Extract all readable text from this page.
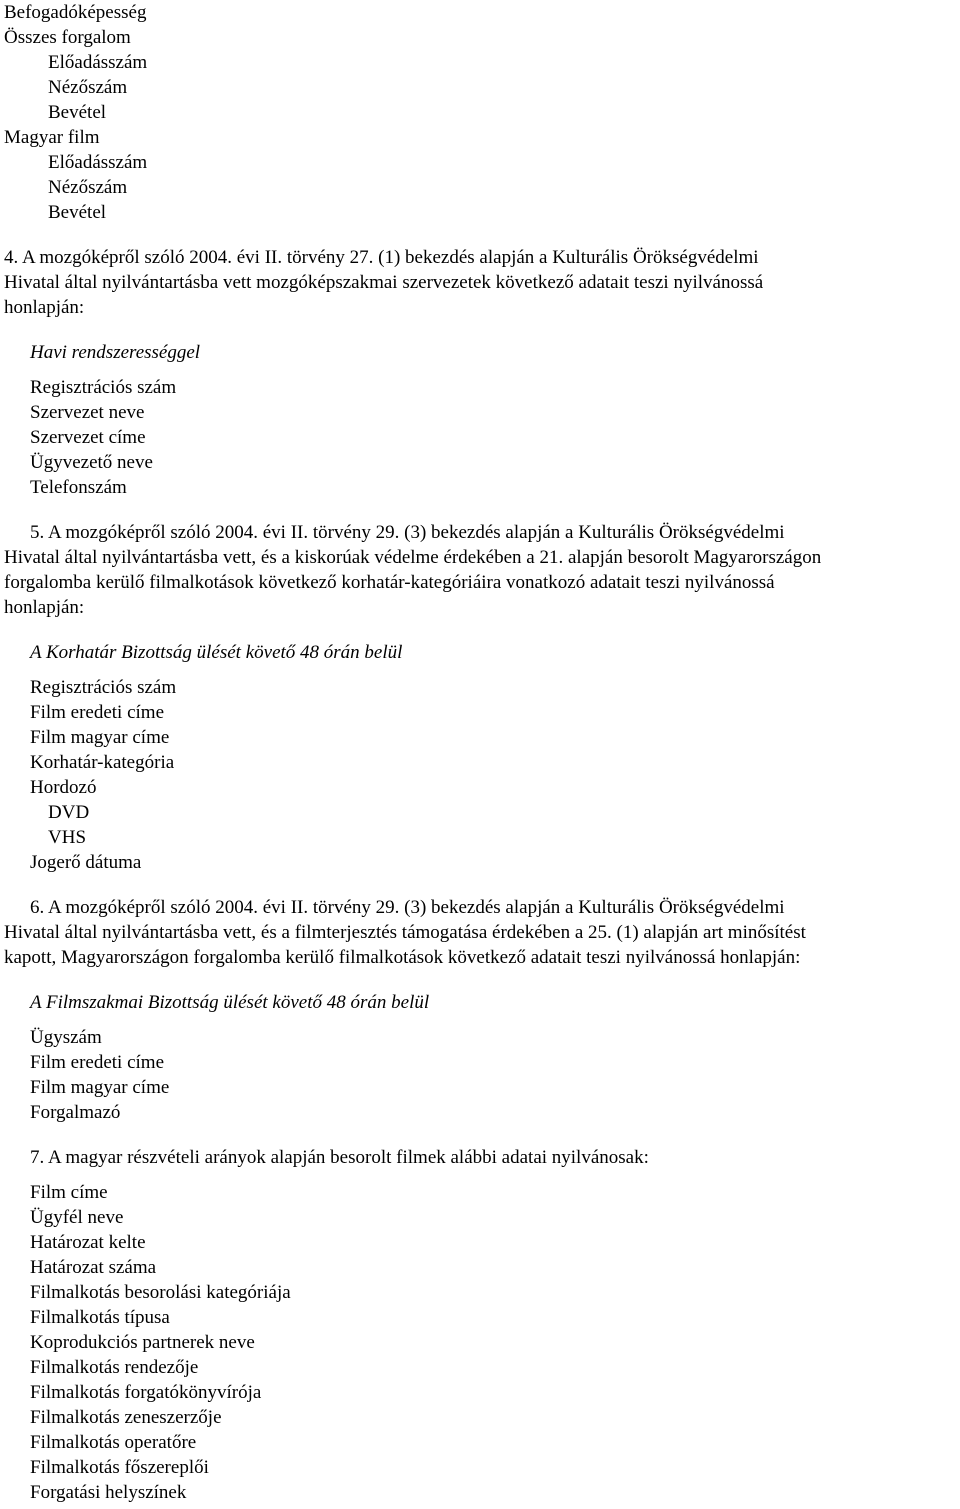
Befogadóképesség
Összes forgalom
Előadásszám
Nézőszám
Bevétel
Magyar film
Előadásszám
Nézőszám
Bevétel
4. A mozgóképről szóló 2004. évi II. törvény 27. (1) bekezdés alapján a Kulturális Örökségvédelmi
Hivatal által nyilvántartásba vett mozgóképszakmai szervezetek következő adatait teszi nyilvánossá
honlapján:
Havi rendszerességgel
Regisztrációs szám
Szervezet neve
Szervezet címe
Ügyvezető neve
Telefonszám
5. A mozgóképről szóló 2004. évi II. törvény 29. (3) bekezdés alapján a Kulturális Örökségvédelmi
Hivatal által nyilvántartásba vett, és a kiskorúak védelme érdekében a 21. alapján besorolt Magyarországon
forgalomba kerülő filmalkotások következő korhatár-kategóriáira vonatkozó adatait teszi nyilvánossá
honlapján:
A Korhatár Bizottság ülését követő 48 órán belül
Regisztrációs szám
Film eredeti címe
Film magyar címe
Korhatár-kategória
Hordozó
DVD
VHS
Jogerő dátuma
6. A mozgóképről szóló 2004. évi II. törvény 29. (3) bekezdés alapján a Kulturális Örökségvédelmi
Hivatal által nyilvántartásba vett, és a filmterjesztés támogatása érdekében a 25. (1) alapján art minősítést
kapott, Magyarországon forgalomba kerülő filmalkotások következő adatait teszi nyilvánossá honlapján:
A Filmszakmai Bizottság ülését követő 48 órán belül
Ügyszám
Film eredeti címe
Film magyar címe
Forgalmazó
7. A magyar részvételi arányok alapján besorolt filmek alábbi adatai nyilvánosak:
Film címe
Ügyfél neve
Határozat kelte
Határozat száma
Filmalkotás besorolási kategóriája
Filmalkotás típusa
Koprodukciós partnerek neve
Filmalkotás rendezője
Filmalkotás forgatókönyvírója
Filmalkotás zeneszerzője
Filmalkotás operatőre
Filmalkotás főszereplői
Forgatási helyszínek
